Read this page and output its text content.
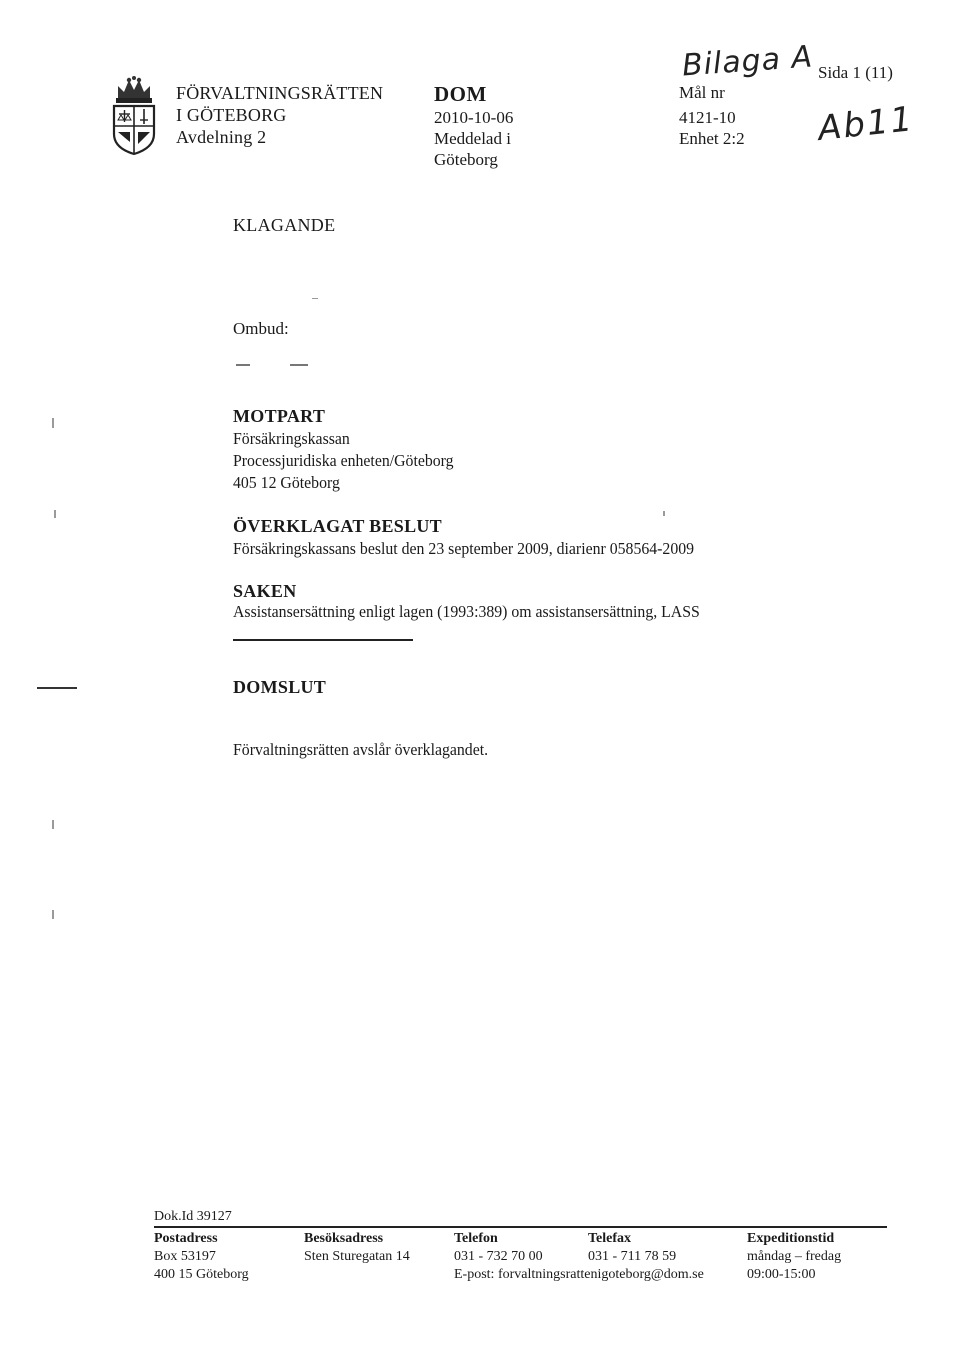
FÖRVALTNINGSRÄTTEN
I GÖTEBORG
Avdelning 2
DOM
2010-10-06
Meddelad i
Göteborg
Bilaga A
Mål nr
4121-10
Enhet 2:2
Sida 1 (11)
Ab11
KLAGANDE
Ombud:
MOTPART
Försäkringskassan
Processjuridiska enheten/Göteborg
405 12 Göteborg
ÖVERKLAGAT BESLUT
Försäkringskassans beslut den 23 september 2009, diarienr 058564-2009
SAKEN
Assistansersättning enligt lagen (1993:389) om assistansersättning, LASS
DOMSLUT
Förvaltningsrätten avslår överklagandet.
Dok.Id 39127
Postadress
Box 53197
400 15 Göteborg
Besöksadress
Sten Sturegatan 14
Telefon
031 - 732 70 00
E-post: forvaltningsrattenigoteborg@dom.se
Telefax
031 - 711 78 59
Expeditionstid
måndag – fredag
09:00-15:00
